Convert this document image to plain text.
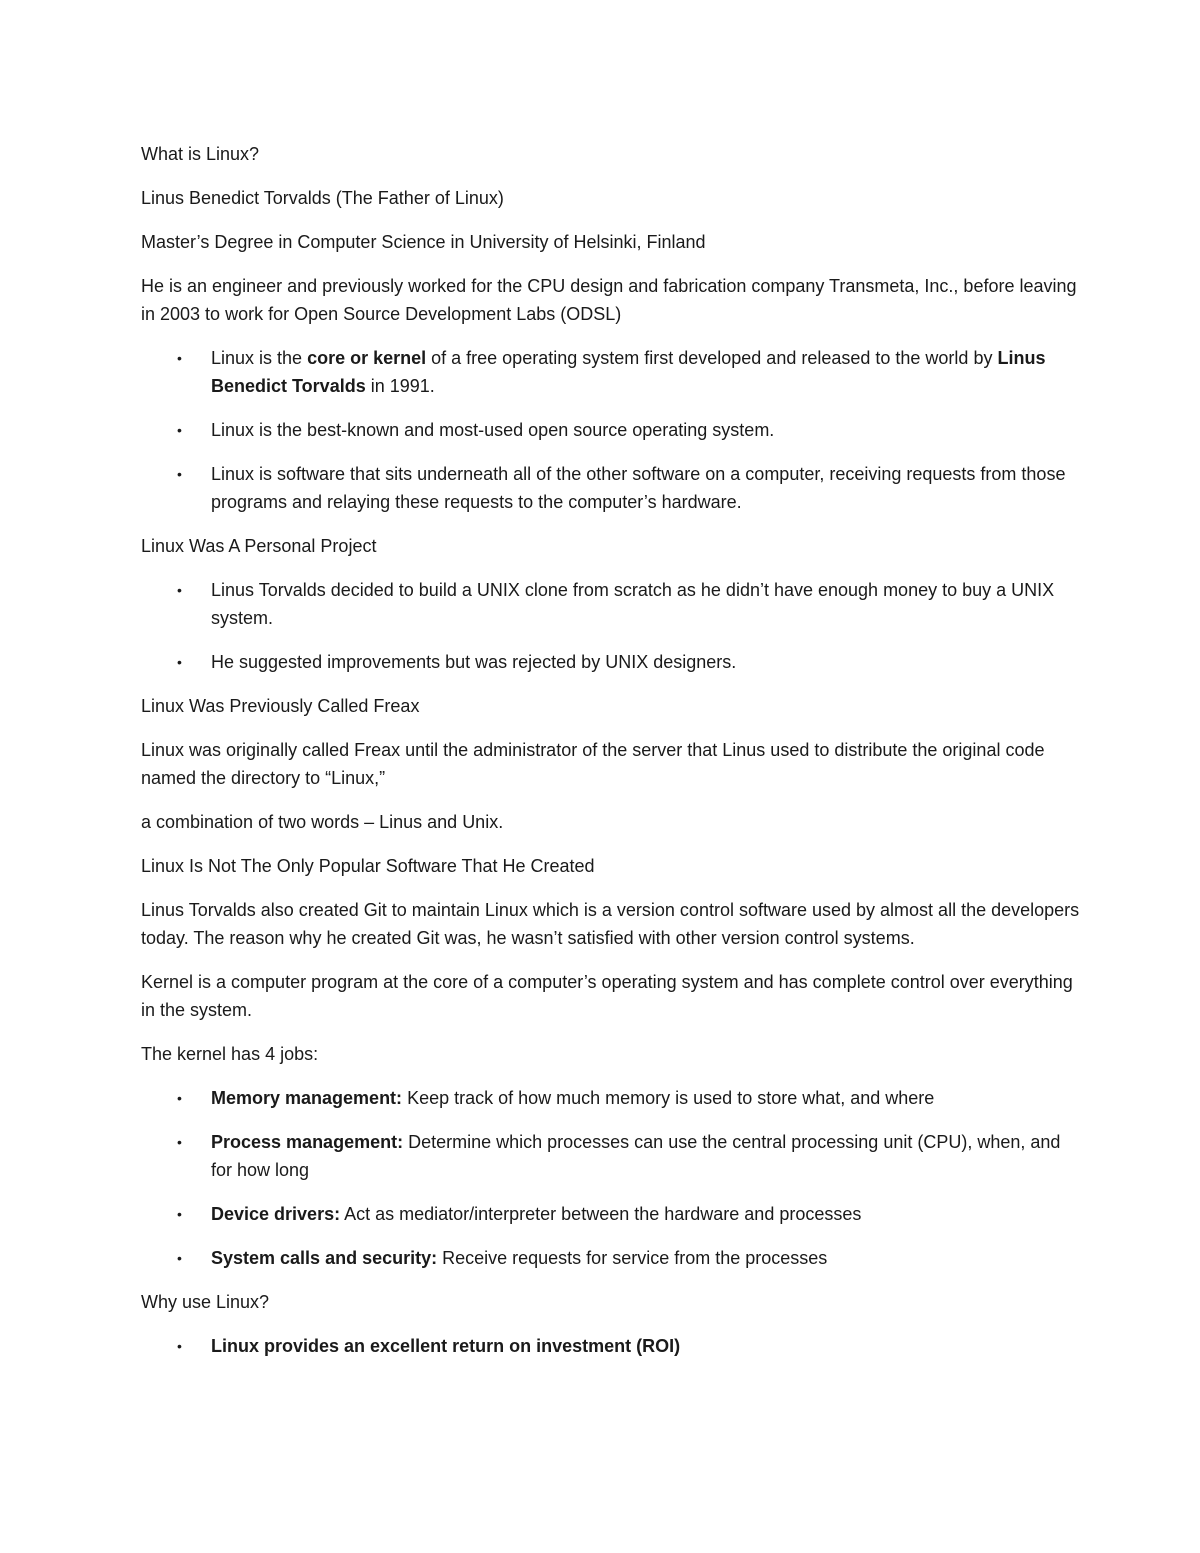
What is Linux?

Linus Benedict Torvalds (The Father of Linux)

Master’s Degree in Computer Science in University of Helsinki, Finland

He is an engineer and previously worked for the CPU design and fabrication company Transmeta, Inc., before leaving in 2003 to work for Open Source Development Labs (ODSL)

• Linux is the core or kernel of a free operating system first developed and released to the world by Linus Benedict Torvalds in 1991.
• Linux is the best-known and most-used open source operating system.
• Linux is software that sits underneath all of the other software on a computer, receiving requests from those programs and relaying these requests to the computer’s hardware.

Linux Was A Personal Project

• Linus Torvalds decided to build a UNIX clone from scratch as he didn’t have enough money to buy a UNIX system.
• He suggested improvements but was rejected by UNIX designers.

Linux Was Previously Called Freax

Linux was originally called Freax until the administrator of the server that Linus used to distribute the original code named the directory to “Linux,”

a combination of two words – Linus and Unix.

Linux Is Not The Only Popular Software That He Created

Linus Torvalds also created Git to maintain Linux which is a version control software used by almost all the developers today. The reason why he created Git was, he wasn’t satisfied with other version control systems.

Kernel is a computer program at the core of a computer’s operating system and has complete control over everything in the system.

The kernel has 4 jobs:

• Memory management: Keep track of how much memory is used to store what, and where
• Process management: Determine which processes can use the central processing unit (CPU), when, and for how long
• Device drivers: Act as mediator/interpreter between the hardware and processes
• System calls and security: Receive requests for service from the processes

Why use Linux?

• Linux provides an excellent return on investment (ROI)
